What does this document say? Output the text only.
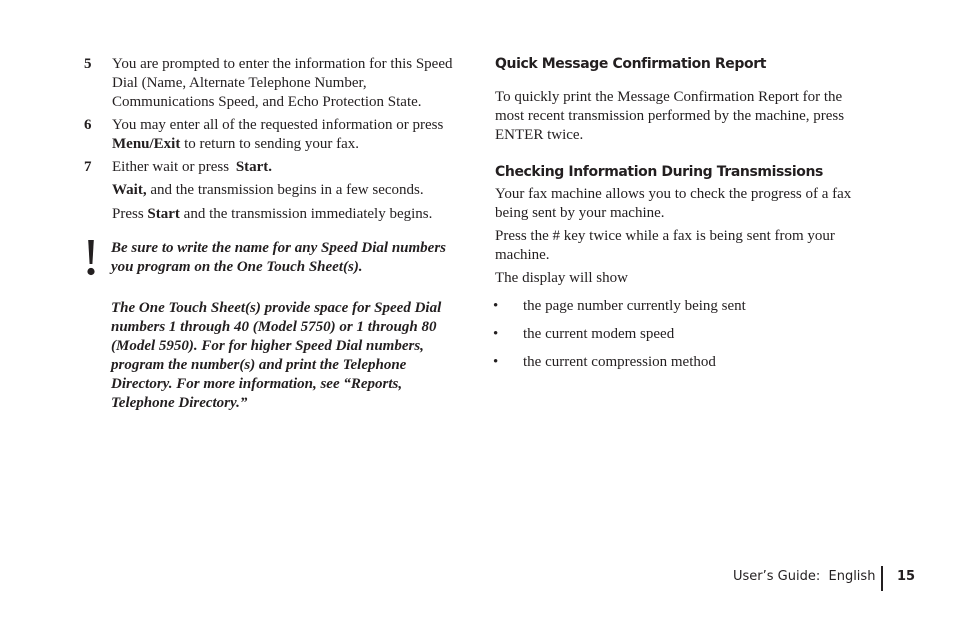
5 You are prompted to enter the information for this Speed
Dial (Name, Alternate Telephone Number,
Communications Speed, and Echo Protection State.
6 You may enter all of the requested information or press
Menu/Exit to return to sending your fax.
7 Either wait or press Start.
Wait, and the transmission begins in a few seconds.
Press Start and the transmission immediately begins.
Be sure to write the name for any Speed Dial numbers
you program on the One Touch Sheet(s).
The One Touch Sheet(s) provide space for Speed Dial
numbers 1 through 40 (Model 5750) or 1 through 80
(Model 5950). For for higher Speed Dial numbers,
program the number(s) and print the Telephone
Directory. For more information, see “Reports,
Telephone Directory.”
Quick Message Confirmation Report
To quickly print the Message Confirmation Report for the
most recent transmission performed by the machine, press
ENTER twice.
Checking Information During Transmissions
Your fax machine allows you to check the progress of a fax
being sent by your machine.
Press the # key twice while a fax is being sent from your
machine.
The display will show
• the page number currently being sent
• the current modem speed
• the current compression method
User’s Guide:  English 15
